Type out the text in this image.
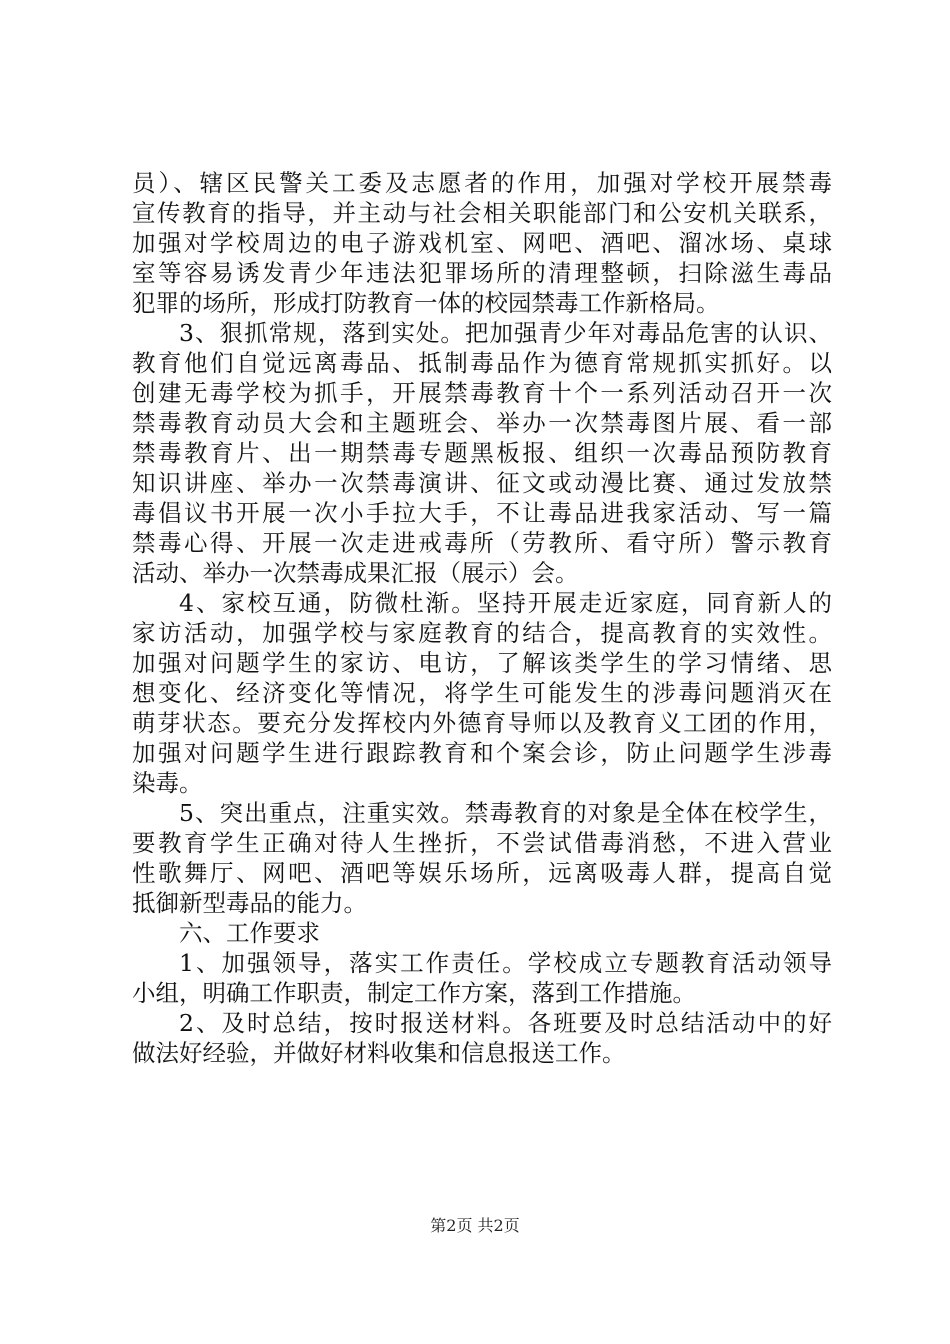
员）、辖区民警关工委及志愿者的作用，加强对学校开展禁毒
宣传教育的指导，并主动与社会相关职能部门和公安机关联系，
加强对学校周边的电子游戏机室、网吧、酒吧、溜冰场、桌球
室等容易诱发青少年违法犯罪场所的清理整顿，扫除滋生毒品
犯罪的场所，形成打防教育一体的校园禁毒工作新格局。
3、狠抓常规，落到实处。把加强青少年对毒品危害的认识、
教育他们自觉远离毒品、抵制毒品作为德育常规抓实抓好。以
创建无毒学校为抓手，开展禁毒教育十个一系列活动召开一次
禁毒教育动员大会和主题班会、举办一次禁毒图片展、看一部
禁毒教育片、出一期禁毒专题黑板报、组织一次毒品预防教育
知识讲座、举办一次禁毒演讲、征文或动漫比赛、通过发放禁
毒倡议书开展一次小手拉大手，不让毒品进我家活动、写一篇
禁毒心得、开展一次走进戒毒所（劳教所、看守所）警示教育
活动、举办一次禁毒成果汇报（展示）会。
4、家校互通，防微杜渐。坚持开展走近家庭，同育新人的
家访活动，加强学校与家庭教育的结合，提高教育的实效性。
加强对问题学生的家访、电访，了解该类学生的学习情绪、思
想变化、经济变化等情况，将学生可能发生的涉毒问题消灭在
萌芽状态。要充分发挥校内外德育导师以及教育义工团的作用，
加强对问题学生进行跟踪教育和个案会诊，防止问题学生涉毒
染毒。
5、突出重点，注重实效。禁毒教育的对象是全体在校学生，
要教育学生正确对待人生挫折，不尝试借毒消愁，不进入营业
性歌舞厅、网吧、酒吧等娱乐场所，远离吸毒人群，提高自觉
抵御新型毒品的能力。
六、工作要求
1、加强领导，落实工作责任。学校成立专题教育活动领导
小组，明确工作职责，制定工作方案，落到工作措施。
2、及时总结，按时报送材料。各班要及时总结活动中的好
做法好经验，并做好材料收集和信息报送工作。
第2页 共2页
